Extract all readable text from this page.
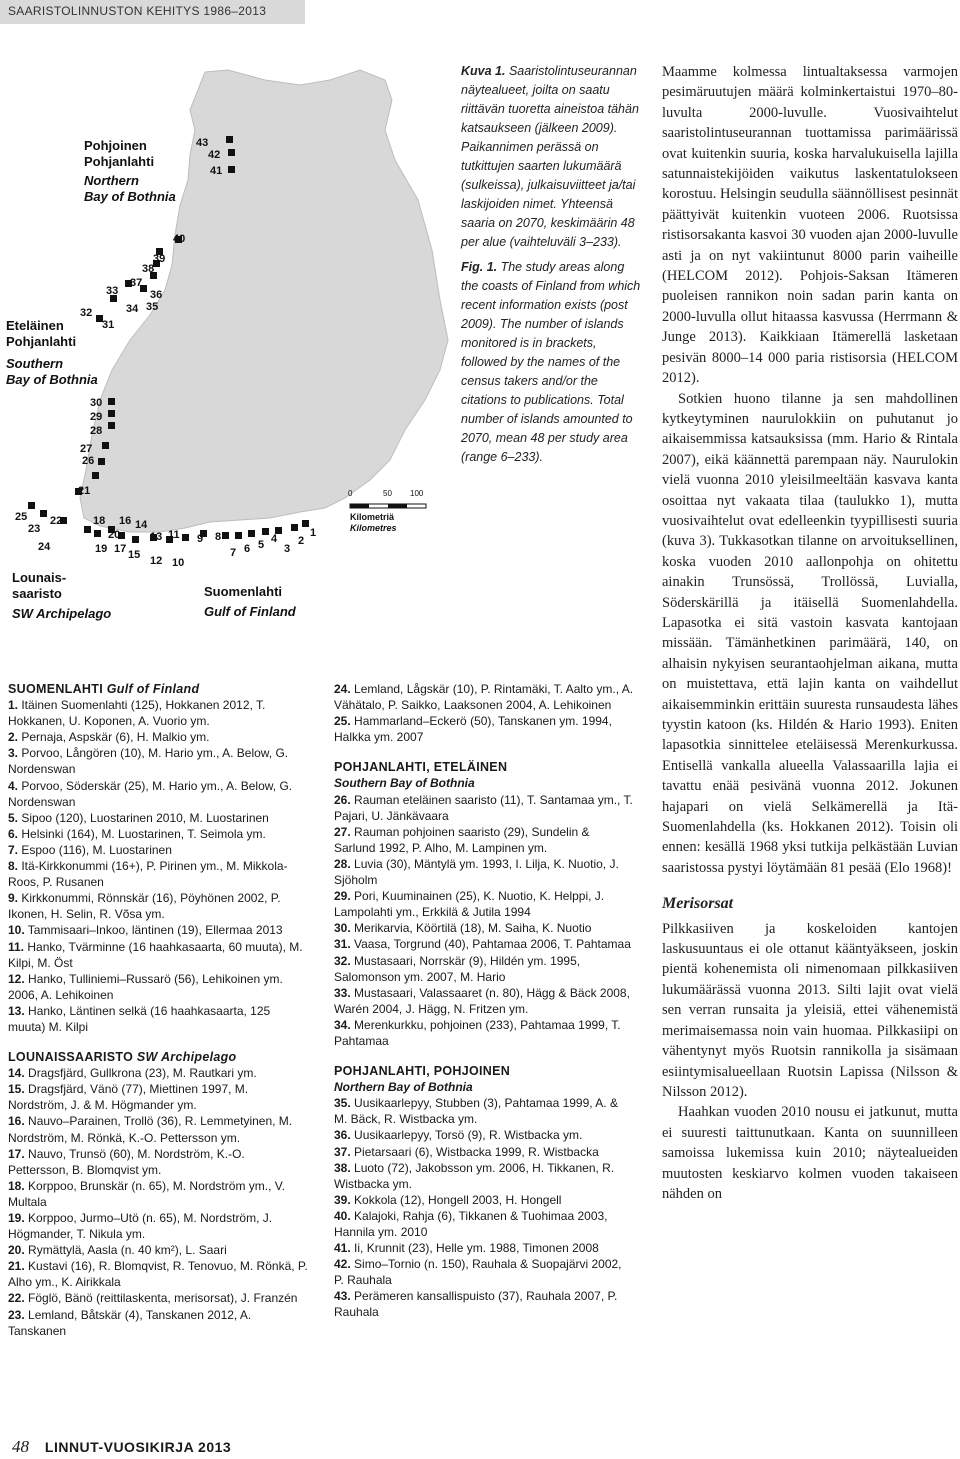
SAARISTOLINNUSTON KEHITYS 1986–2013
1
2
3
4
5
6
7
8
9
10
11
12
13
14
15
16
17
18
19
20
21
22
23
24
25
26
27
28
29
30
31
32
33
34 35
36
37
38
39
40
41
42
43
Pohjoinen
Pohjanlahti
Northern
Bay of Bothnia
Eteläinen
Pohjanlahti
Southern
Bay of Bothnia
Lounais-
saaristo
SW Archipelago
Suomenlahti
Gulf of Finland
0	50 100
Kilometriä
Kilometres

Kuva 1. Saaristolintuseurannan näytealueet, joilta on saatu riittävän tuoretta aineistoa tähän katsaukseen (jälkeen 2009). Paikannimen perässä on tutkittujen saarten lukumäärä (sulkeissa), julkaisuviitteet ja/tai laskijoiden nimet. Yhteensä saaria on 2070, keskimäärin 48 per alue (vaihteluväli 3–233).

Fig. 1. The study areas along the coasts of Finland from which recent information exists (post 2009). The number of islands monitored is in brackets, followed by the names of the census takers and/or the citations to publications. Total number of islands amounted to 2070, mean 48 per study area (range 6–233).

SUOMENLAHTI Gulf of Finland

1. Itäinen Suomenlahti (125), Hokkanen 2012, T. Hokkanen, U. Koponen, A. Vuorio ym.

2. Pernaja, Aspskär (6), H. Malkio ym.

3. Porvoo, Långören (10), M. Hario ym., A. Below, G. Nordenswan

4. Porvoo, Söderskär (25), M. Hario ym., A. Below, G. Nordenswan

5. Sipoo (120), Luostarinen 2010, M. Luostarinen

6. Helsinki (164), M. Luostarinen, T. Seimola ym.

7. Espoo (116), M. Luostarinen

8. Itä-Kirkkonummi (16+), P. Pirinen ym., M. Mikkola-Roos, P. Rusanen

9. Kirkkonummi, Rönnskär (16), Pöyhönen 2002, P. Ikonen, H. Selin, R. Võsa ym.

10. Tammisaari–Inkoo, läntinen (19), Ellermaa 2013

11. Hanko, Tvärminne (16 haahkasaarta, 60 muuta), M. Kilpi, M. Öst

12. Hanko, Tulliniemi–Russarö (56), Lehikoinen ym. 2006, A. Lehikoinen

13. Hanko, Läntinen selkä (16 haahkasaarta, 125 muuta) M. Kilpi

LOUNAISSAARISTO SW Archipelago

14. Dragsfjärd, Gullkrona (23), M. Rautkari ym.

15. Dragsfjärd, Vänö (77), Miettinen 1997, M. Nordström, J. & M. Högmander ym.

16. Nauvo–Parainen, Trollö (36), R. Lemmetyinen, M. Nordström, M. Rönkä, K.-O. Pettersson ym.

17. Nauvo, Trunsö (60), M. Nordström, K.-O. Pettersson, B. Blomqvist ym.

18. Korppoo, Brunskär (n. 65), M. Nordström ym., V. Multala

19. Korppoo, Jurmo–Utö (n. 65), M. Nordström, J. Högmander, T. Nikula ym.

20. Rymättylä, Aasla (n. 40 km²), L. Saari

21. Kustavi (16), R. Blomqvist, R. Tenovuo, M. Rönkä, P. Alho ym., K. Airikkala

22. Föglö, Bänö (reittilaskenta, merisorsat), J. Franzén

23. Lemland, Båtskär (4), Tanskanen 2012, A. Tanskanen

24. Lemland, Lågskär (10), P. Rintamäki, T. Aalto ym., A. Vähätalo, P. Saikko, Laaksonen 2004, A. Lehikoinen

25. Hammarland–Eckerö (50), Tanskanen ym. 1994, Halkka ym. 2007

POHJANLAHTI, ETELÄINEN

Southern Bay of Bothnia

26. Rauman eteläinen saaristo (11), T. Santamaa ym., T. Pajari, U. Jänkävaara

27. Rauman pohjoinen saaristo (29), Sundelin & Sarlund 1992, P. Alho, M. Lampinen ym.

28. Luvia (30), Mäntylä ym. 1993, I. Lilja, K. Nuotio, J. Sjöholm

29. Pori, Kuuminainen (25), K. Nuotio, K. Helppi, J. Lampolahti ym., Erkkilä & Jutila 1994

30. Merikarvia, Köörtilä (18), M. Saiha, K. Nuotio

31. Vaasa, Torgrund (40), Pahtamaa 2006, T. Pahtamaa

32. Mustasaari, Norrskär (9), Hildén ym. 1995, Salomonson ym. 2007, M. Hario

33. Mustasaari, Valassaaret (n. 80), Hägg & Bäck 2008, Warén 2004, J. Hägg, N. Fritzen ym.

34. Merenkurkku, pohjoinen (233), Pahtamaa 1999, T. Pahtamaa

POHJANLAHTI, POHJOINEN

Northern Bay of Bothnia

35. Uusikaarlepyy, Stubben (3), Pahtamaa 1999, A. & M. Bäck, R. Wistbacka ym.

36. Uusikaarlepyy, Torsö (9), R. Wistbacka ym.

37. Pietarsaari (6), Wistbacka 1999, R. Wistbacka

38. Luoto (72), Jakobsson ym. 2006, H. Tikkanen, R. Wistbacka ym.

39. Kokkola (12), Hongell 2003, H. Hongell

40. Kalajoki, Rahja (6), Tikkanen & Tuohimaa 2003, Hannila ym. 2010

41. Ii, Krunnit (23), Helle ym. 1988, Timonen 2008

42. Simo–Tornio (n. 150), Rauhala & Suopajärvi 2002, P. Rauhala

43. Perämeren kansallispuisto (37), Rauhala 2007, P. Rauhala

Maamme kolmessa lintualtaksessa varmojen pesimäruutujen määrä kolminkertaistui 1970–80-luvulta 2000-luvulle. Vuosivaihtelut saaristolintuseurannan tuottamissa parimäärissä ovat kuitenkin suuria, koska harvalukuisella lajilla satunnaistekijöiden vaikutus laskentatulokseen korostuu. Helsingin seudulla säännöllisest pesinnät päättyivät kuitenkin vuoteen 2006. Ruotsissa ristisorsakanta kasvoi 30 vuoden ajan 2000-luvulle asti ja on nyt vakiintunut 8000 parin vaiheille (HELCOM 2012). Pohjois-Saksan Itämeren puoleisen rannikon noin sadan parin kanta on 2000-luvulla ollut hitaassa kasvussa (Herrmann & Junge 2013). Kaikkiaan Itämerellä lasketaan pesivän 8000–14 000 paria ristisorsia (HELCOM 2012).

Sotkien huono tilanne ja sen mahdollinen kytkeytyminen naurulokkiin on puhutanut jo aikaisemmissa katsauksissa (mm. Hario & Rintala 2007), eikä käännettä parempaan näy. Naurulokin vielä vuonna 2010 yleisilmeeltään kasvava kanta osoittaa nyt vakaata tilaa (taulukko 1), mutta vuosivaihtelut ovat edelleenkin tyypillisesti suuria (kuva 3). Tukkasotkan tilanne on arvoituksellinen, koska vuoden 2010 aallonpohja on ohitettu ainakin Trunsössä, Trollössä, Luvialla, Söderskärillä ja itäisellä Suomenlahdella. Lapasotka ei sitä vastoin kasvata kantojaan missään. Tämänhetkinen parimäärä, 140, on alhaisin nykyisen seurantaohjelman aikana, mutta on muistettava, että lajin kanta on vaihdellut aikaisemminkin erittäin suuresta runsaudesta lähes tyystin katoon (ks. Hildén & Hario 1993). Eniten lapasotkia sinnittelee eteläisessä Merenkurkussa. Entisellä vankalla alueella Valassaarilla lajia ei tavattu enää pesivänä vuonna 2012. Jokunen hajapari on vielä Selkämerellä ja Itä-Suomenlahdella (ks. Hokkanen 2012). Toisin oli ennen: kesällä 1968 yksi tutkija pelkästään Luvian saaristossa pystyi löytämään 81 pesää (Elo 1968)!

Merisorsat

Pilkkasiiven ja koskeloiden kantojen laskusuuntaus ei ole ottanut kääntyäkseen, joskin pientä kohenemista oli nimenomaan pilkkasiiven lukumäärässä vuonna 2013. Silti lajit ovat vielä sen verran runsaita ja yleisiä, ettei vähenemistä merimaisemassa noin vain huomaa. Pilkkasiipi on vähentynyt myös Ruotsin rannikolla ja sisämaan esiintymisalueellaan Ruotsin Lapissa (Nilsson & Nilsson 2012).

Haahkan vuoden 2010 nousu ei jatkunut, mutta ei suuresti taittunutkaan. Kanta on suunnilleen samoissa lukemissa kuin 2010; näytealueiden muutosten keskiarvo kolmen vuoden takaiseen nähden on

48 LINNUT-VUOSIKIRJA 2013
